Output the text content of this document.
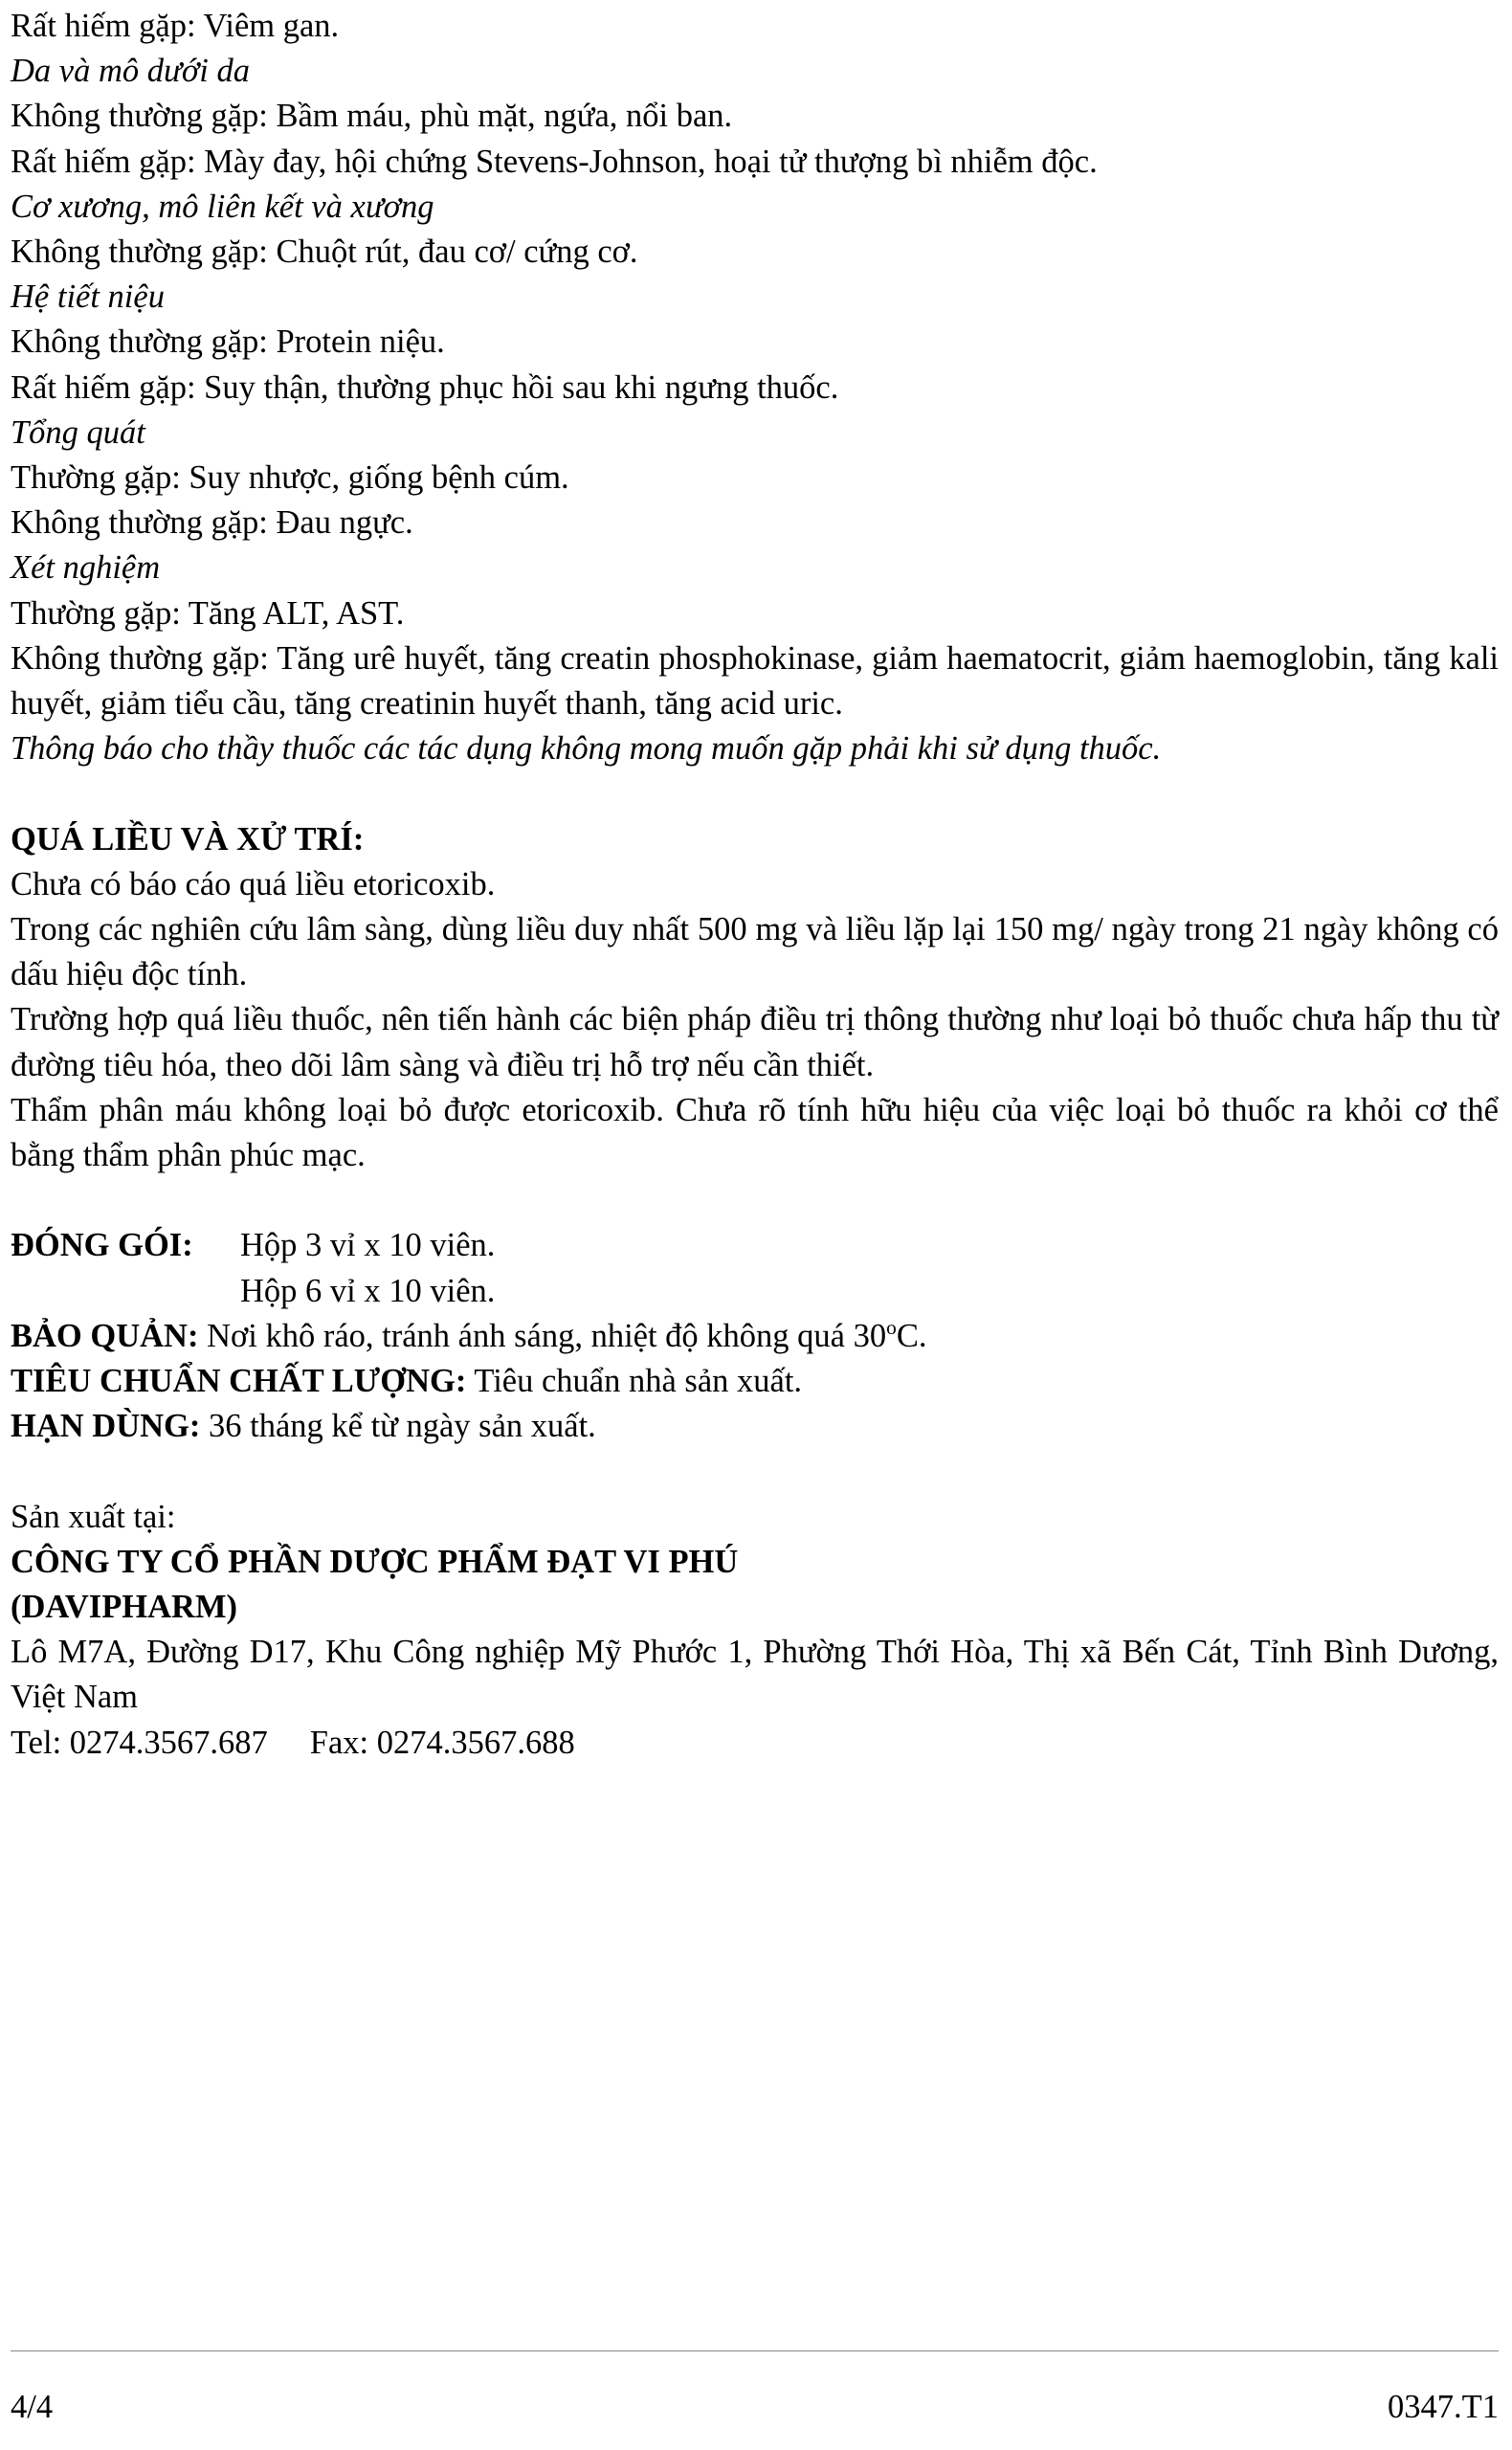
Rất hiếm gặp: Viêm gan.
Da và mô dưới da
Không thường gặp: Bầm máu, phù mặt, ngứa, nổi ban.
Rất hiếm gặp: Mày đay, hội chứng Stevens-Johnson, hoại tử thượng bì nhiễm độc.
Cơ xương, mô liên kết và xương
Không thường gặp: Chuột rút, đau cơ/ cứng cơ.
Hệ tiết niệu
Không thường gặp: Protein niệu.
Rất hiếm gặp: Suy thận, thường phục hồi sau khi ngưng thuốc.
Tổng quát
Thường gặp: Suy nhược, giống bệnh cúm.
Không thường gặp: Đau ngực.
Xét nghiệm
Thường gặp: Tăng ALT, AST.
Không thường gặp: Tăng urê huyết, tăng creatin phosphokinase, giảm haematocrit, giảm haemoglobin, tăng kali huyết, giảm tiểu cầu, tăng creatinin huyết thanh, tăng acid uric.
Thông báo cho thầy thuốc các tác dụng không mong muốn gặp phải khi sử dụng thuốc.
QUÁ LIỀU VÀ XỬ TRÍ:
Chưa có báo cáo quá liều etoricoxib.
Trong các nghiên cứu lâm sàng, dùng liều duy nhất 500 mg và liều lặp lại 150 mg/ ngày trong 21 ngày không có dấu hiệu độc tính.
Trường hợp quá liều thuốc, nên tiến hành các biện pháp điều trị thông thường như loại bỏ thuốc chưa hấp thu từ đường tiêu hóa, theo dõi lâm sàng và điều trị hỗ trợ nếu cần thiết.
Thẩm phân máu không loại bỏ được etoricoxib. Chưa rõ tính hữu hiệu của việc loại bỏ thuốc ra khỏi cơ thể bằng thẩm phân phúc mạc.
ĐÓNG GÓI:	Hộp 3 vỉ x 10 viên.
Hộp 6 vỉ x 10 viên.
BẢO QUẢN: Nơi khô ráo, tránh ánh sáng, nhiệt độ không quá 30$^o$C.
TIÊU CHUẨN CHẤT LƯỢNG: Tiêu chuẩn nhà sản xuất.
HẠN DÙNG: 36 tháng kể từ ngày sản xuất.
Sản xuất tại:
CÔNG TY CỔ PHẦN DƯỢC PHẨM ĐẠT VI PHÚ
(DAVIPHARM)
Lô M7A, Đường D17, Khu Công nghiệp Mỹ Phước 1, Phường Thới Hòa, Thị xã Bến Cát, Tỉnh Bình Dương, Việt Nam
Tel: 0274.3567.687 Fax: 0274.3567.688
4/4	0347.T1
